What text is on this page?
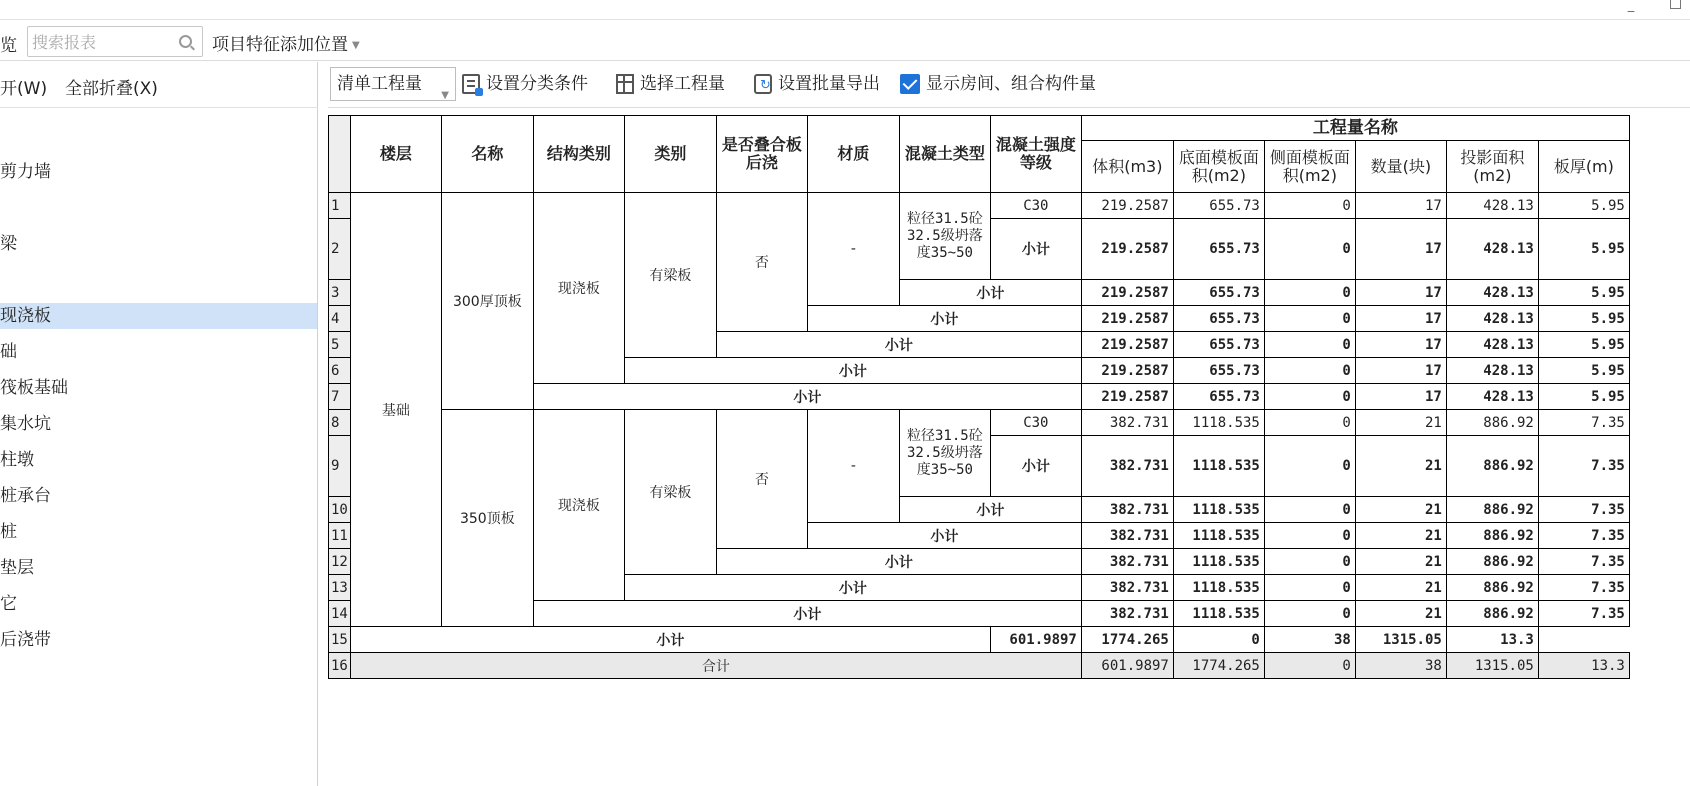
_
览
搜索报表	项目特征添加位置 ▼
开(W) 全部折叠(X)
剪力墙
梁
现浇板
础
筏板基础
集水坑
柱墩
桩承台
桩
垫层
它
后浇带
清单工程量
▼
设置分类条件	选择工程量 ↻	设置批量导出	显示房间、组合构件量
	楼层	名称	结构类别	类别	是否叠合板后浇	材质	混凝土类型	混凝土强度等级	工程量名称					
									体积(m3)	底面模板面积(m2)	侧面模板面积(m2)	数量(块)	投影面积(m2)	板厚(m)
1	基础	300厚顶板	现浇板	有梁板	否	-	粒径31.5砼32.5级坍落度35~50	C30	219.2587	655.73	0	17	428.13	5.95
2								小计	219.2587	655.73	0	17	428.13	5.95
3							小计		219.2587	655.73	0	17	428.13	5.95
4						小计			219.2587	655.73	0	17	428.13	5.95
5					小计				219.2587	655.73	0	17	428.13	5.95
6				小计					219.2587	655.73	0	17	428.13	5.95
7			小计						219.2587	655.73	0	17	428.13	5.95
8		350顶板	现浇板	有梁板	否	-	粒径31.5砼32.5级坍落度35~50	C30	382.731	1118.535	0	21	886.92	7.35
9								小计	382.731	1118.535	0	21	886.92	7.35
10							小计		382.731	1118.535	0	21	886.92	7.35
11						小计			382.731	1118.535	0	21	886.92	7.35
12					小计				382.731	1118.535	0	21	886.92	7.35
13				小计					382.731	1118.535	0	21	886.92	7.35
14			小计						382.731	1118.535	0	21	886.92	7.35
15	小计							601.9897	1774.265	0	38	1315.05	13.3	
16	合计								601.9897	1774.265	0	38	1315.05	13.3
